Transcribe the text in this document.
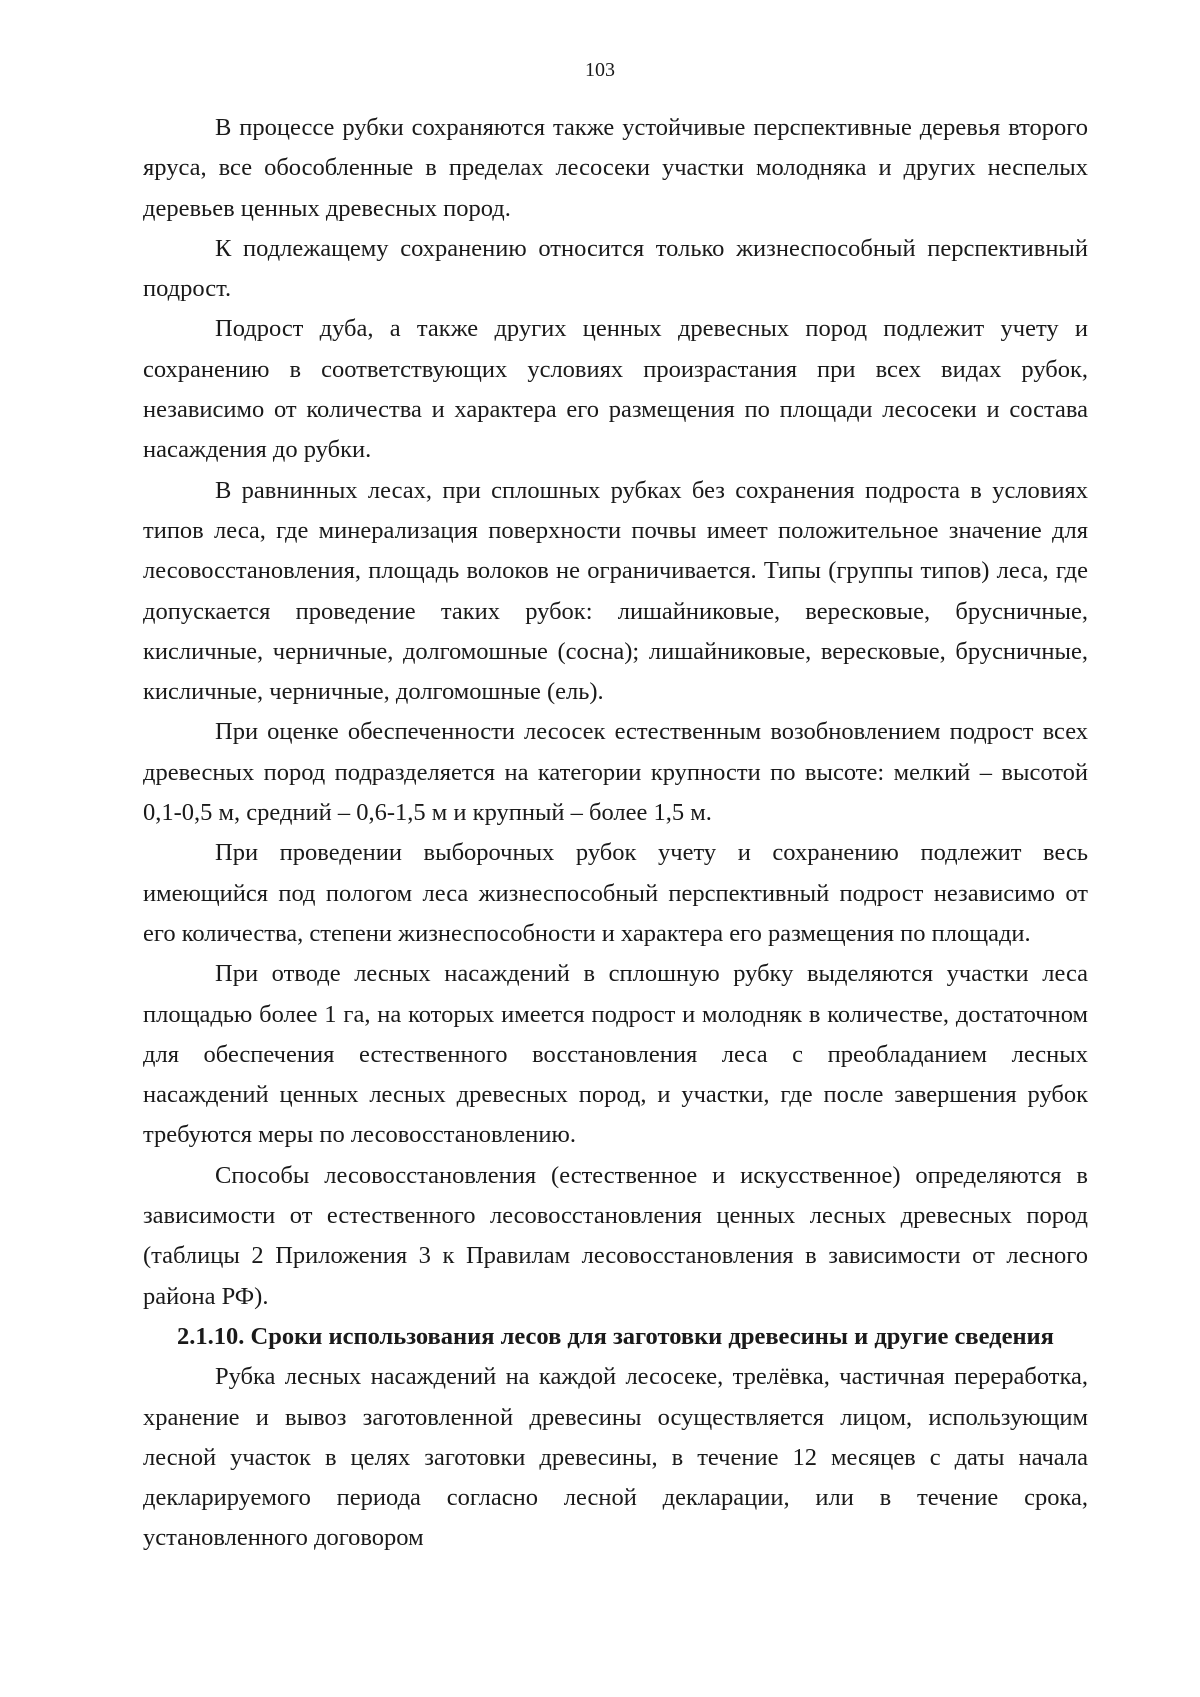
103

В процессе рубки сохраняются также устойчивые перспективные деревья второго яруса, все обособленные в пределах лесосеки участки молодняка и других неспелых деревьев ценных древесных пород.

К подлежащему сохранению относится только жизнеспособный перспективный подрост.

Подрост дуба, а также других ценных древесных пород подлежит учету и сохранению в соответствующих условиях произрастания при всех видах рубок, независимо от количества и характера его размещения по площади лесосеки и состава насаждения до рубки.

В равнинных лесах, при сплошных рубках без сохранения подроста в условиях типов леса, где минерализация поверхности почвы имеет положительное значение для лесовосстановления, площадь волоков не ограничивается. Типы (группы типов) леса, где допускается проведение таких рубок: лишайниковые, вересковые, брусничные, кисличные, черничные, долгомошные (сосна); лишайниковые, вересковые, брусничные, кисличные, черничные, долгомошные (ель).

При оценке обеспеченности лесосек естественным возобновлением подрост всех древесных пород подразделяется на категории крупности по высоте: мелкий – высотой 0,1-0,5 м, средний – 0,6-1,5 м и крупный – более 1,5 м.

При проведении выборочных рубок учету и сохранению подлежит весь имеющийся под пологом леса жизнеспособный перспективный подрост независимо от его количества, степени жизнеспособности и характера его размещения по площади.

При отводе лесных насаждений в сплошную рубку выделяются участки леса площадью более 1 га, на которых имеется подрост и молодняк в количестве, достаточном для обеспечения естественного восстановления леса с преобладанием лесных насаждений ценных лесных древесных пород, и участки, где после завершения рубок требуются меры по лесовосстановлению.

Способы лесовосстановления (естественное и искусственное) определяются в зависимости от естественного лесовосстановления ценных лесных древесных пород (таблицы 2 Приложения 3 к Правилам лесовосстановления в зависимости от лесного района РФ).

2.1.10. Сроки использования лесов для заготовки древесины и другие сведения

Рубка лесных насаждений на каждой лесосеке, трелёвка, частичная переработка, хранение и вывоз заготовленной древесины осуществляется лицом, использующим лесной участок в целях заготовки древесины, в течение 12 месяцев с даты начала декларируемого периода согласно лесной декларации, или в течение срока, установленного договором
